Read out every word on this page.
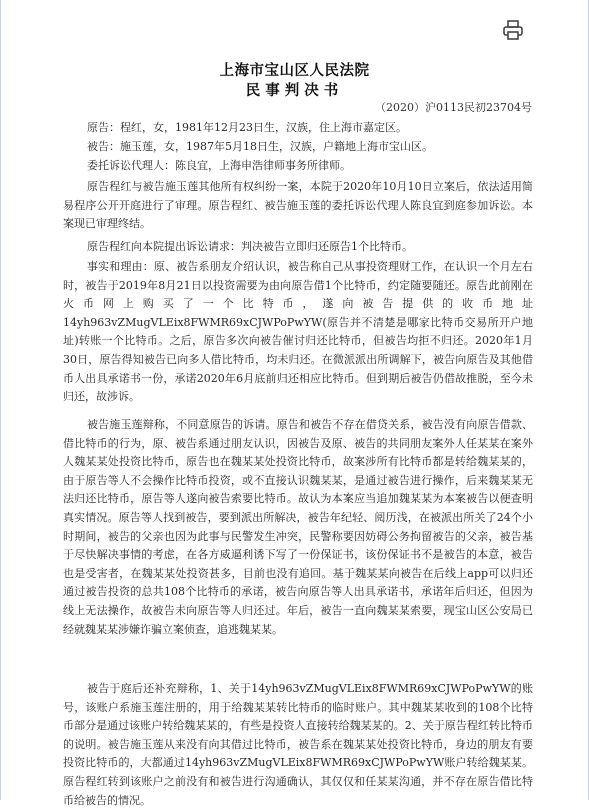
上海市宝山区人民法院
民事判决书
（2020）沪0113民初23704号

原告：程红，女，1981年12月23日生，汉族，住上海市嘉定区。

被告：施玉莲，女，1987年5月18日生，汉族，户籍地上海市宝山区。

委托诉讼代理人：陈良宜，上海申浩律师事务所律师。

原告程红与被告施玉莲其他所有权纠纷一案，本院于2020年10月10日立案后，依法适用简易程序公开开庭进行了审理。原告程红、被告施玉莲的委托诉讼代理人陈良宜到庭参加诉讼。本案现已审理终结。

原告程红向本院提出诉讼请求：判决被告立即归还原告1个比特币。

事实和理由：原、被告系朋友介绍认识，被告称自己从事投资理财工作，在认识一个月左右时，被告于2019年8月21日以投资需要为由向原告借1个比特币，约定随要随还。原告此前刚在火币网上购买了一个比特币，遂向被告提供的收币地址14yh963vZMugVLEix8FWMR69xCJWPoPwYW(原告并不清楚是哪家比特币交易所开户地址)转账一个比特币。之后，原告多次向被告催讨归还比特币，但被告均拒不归还。2020年1月30日，原告得知被告已向多人借比特币，均未归还。在微派派出所调解下，被告向原告及其他借币人出具承诺书一份，承诺2020年6月底前归还相应比特币。但到期后被告仍借故推脱，至今未归还，故涉诉。

被告施玉莲辩称，不同意原告的诉请。原告和被告不存在借贷关系，被告没有向原告借款、借比特币的行为，原、被告系通过朋友认识，因被告及原、被告的共同朋友案外人任某某在案外人魏某某处投资比特币，原告也在魏某某处投资比特币，故案涉所有比特币都是转给魏某某的，由于原告等人不会操作比特币投资，或不直接认识魏某某，是通过被告进行操作，后来魏某某无法归还比特币，原告等人遂向被告索要比特币。故认为本案应当追加魏某某为本案被告以便查明真实情况。原告等人找到被告，要到派出所解决，被告年纪轻、阅历浅，在被派出所关了24个小时期间，被告的父亲也因为此事与民警发生冲突，民警称要因妨碍公务拘留被告的父亲，被告基于尽快解决事情的考虑，在各方威逼利诱下写了一份保证书，该份保证书不是被告的本意，被告也是受害者，在魏某某处投资甚多，目前也没有追回。基于魏某某向被告在后线上app可以归还通过被告投资的总共108个比特币的承诺，被告向原告等人出具承诺书，承诺年后归还，但因为线上无法操作，故被告未向原告等人归还过。年后，被告一直向魏某某索要，现宝山区公安局已经就魏某某涉嫌诈骗立案侦查，追逃魏某某。

被告于庭后还补充辩称，1、关于14yh963vZMugVLEix8FWMR69xCJWPoPwYW的账号，该账户系施玉莲注册的，用于给魏某某转比特币的临时账户。其中魏某某收到的108个比特币部分是通过该账户转给魏某某的，有些是投资人直接转给魏某某的。2、关于原告程红转比特币的说明。被告施玉莲从来没有向其借过比特币，被告系在魏某某处投资比特币，身边的朋友有要投资比特币的，大都通过14yh963vZMugVLEix8FWMR69xCJWPoPwYW账户转给魏某某。原告程红转到该账户之前没有和被告进行沟通确认，其仅仅和任某某沟通，并不存在原告借比特币给被告的情况。
